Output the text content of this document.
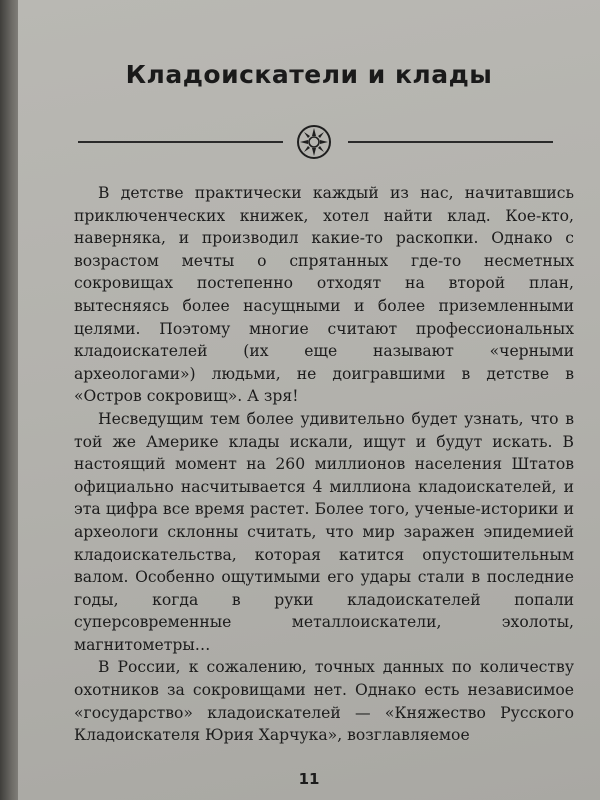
Кладоискатели и клады

В детстве практически каждый из нас, начитавшись приключенческих книжек, хотел найти клад. Кое-кто, наверняка, и производил какие-то раскопки. Однако с возрастом мечты о спрятанных где-то несметных сокровищах постепенно отходят на второй план, вытесняясь более насущными и более приземленными целями. Поэтому многие считают профессиональных кладоискателей (их еще называют «черными археологами») людьми, не доигравшими в детстве в «Остров сокровищ». А зря!

Несведущим тем более удивительно будет узнать, что в той же Америке клады искали, ищут и будут искать. В настоящий момент на 260 миллионов населения Штатов официально насчитывается 4 миллиона кладоискателей, и эта цифра все время растет. Более того, ученые-историки и археологи склонны считать, что мир заражен эпидемией кладоискательства, которая катится опустошительным валом. Особенно ощутимыми его удары стали в последние годы, когда в руки кладоискателей попали суперсовременные металлоискатели, эхолоты, магнитометры…

В России, к сожалению, точных данных по количеству охотников за сокровищами нет. Однако есть независимое «государство» кладоискателей — «Княжество Русского Кладоискателя Юрия Харчука», возглавляемое

11
